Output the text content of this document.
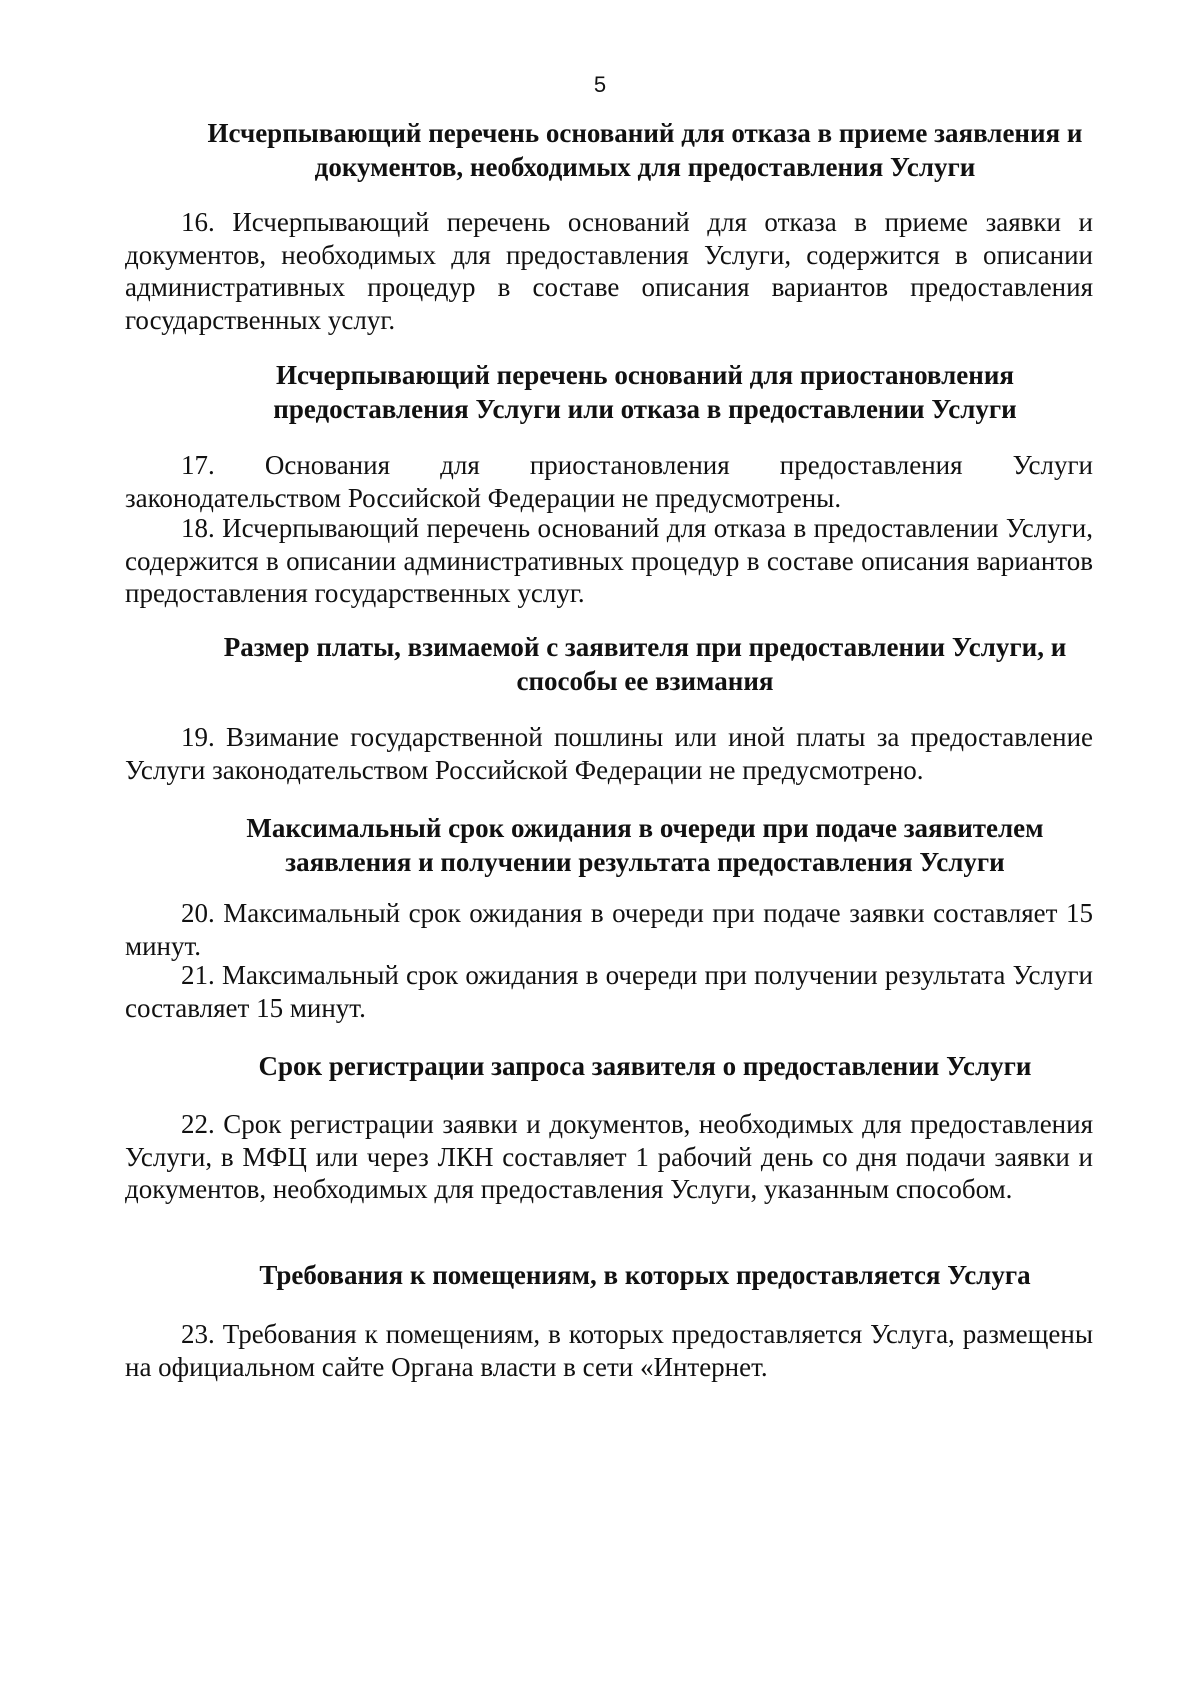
5
Исчерпывающий перечень оснований для отказа в приеме заявления и
документов, необходимых для предоставления Услуги

16. Исчерпывающий перечень оснований для отказа в приеме заявки и документов, необходимых для предоставления Услуги, содержится в описании административных процедур в составе описания вариантов предоставления государственных услуг.

Исчерпывающий перечень оснований для приостановления
предоставления Услуги или отказа в предоставлении Услуги

17. Основания для приостановления предоставления Услуги законодательством Российской Федерации не предусмотрены.

18. Исчерпывающий перечень оснований для отказа в предоставлении Услуги, содержится в описании административных процедур в составе описания вариантов предоставления государственных услуг.

Размер платы, взимаемой с заявителя при предоставлении Услуги, и
способы ее взимания

19. Взимание государственной пошлины или иной платы за предоставление Услуги законодательством Российской Федерации не предусмотрено.

Максимальный срок ожидания в очереди при подаче заявителем
заявления и получении результата предоставления Услуги

20. Максимальный срок ожидания в очереди при подаче заявки составляет 15 минут.

21. Максимальный срок ожидания в очереди при получении результата Услуги составляет 15 минут.

Срок регистрации запроса заявителя о предоставлении Услуги

22. Срок регистрации заявки и документов, необходимых для предоставления Услуги, в МФЦ или через ЛКН составляет 1 рабочий день со дня подачи заявки и документов, необходимых для предоставления Услуги, указанным способом.

Требования к помещениям, в которых предоставляется Услуга

23. Требования к помещениям, в которых предоставляется Услуга, размещены на официальном сайте Органа власти в сети «Интернет.
